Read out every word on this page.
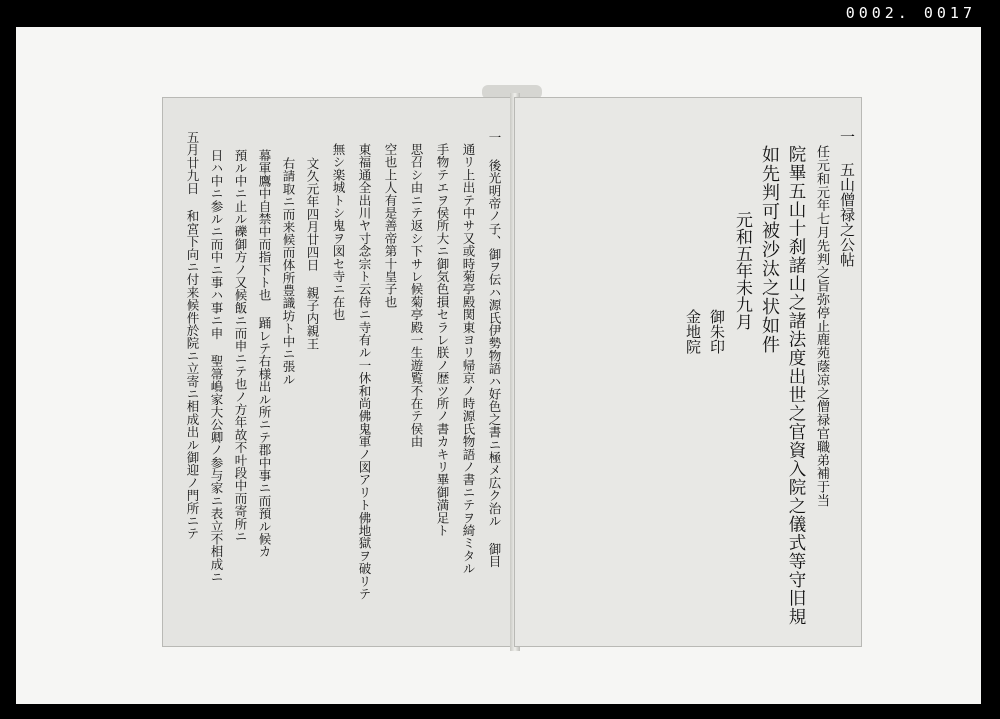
0002. 0017
一 後光明帝ノ子、御ヲ伝ハ源氏伊勢物語ハ好色之書ニ極メ広ク治ル 御目
通リ上出テ中サ又或時菊亭殿関東ヨリ帰京ノ時源氏物語ノ書ニテヲ綺ミタル
手物テエヲ侯所大ニ御気色損セラレ朕ノ歴ツ所ノ書カキリ畢御満足ト
思召シ由ニテ返シ下サレ候菊亭殿一生遊覧不在テ侯由
空也上人有是善帝第十皇子也
東福通全出川ヤ寸念宗ト云侍ニ寺有ル一休和尚佛鬼軍ノ図アリト佛地獄ヲ破リテ
無シ楽城トシ鬼ヲ図セ寺ニ在也
文久元年四月廿四日 親子内親王
右請取ニ而来候而体所豊識坊ト中ニ張ル
幕軍鷹中自禁中而指下ト也 踊レテ右様出ル所ニテ郡中事ニ而預ル候カ
預ル中ニ止ル礫御方ノ又候飯ニ而申ニテ也ノ方年故不叶段中而寄所ニ
日ハ中ニ参ルニ而中ニ事ハ事ニ申 聖箒嶋家大公卿ノ参与家ニ表立不相成ニ
五月廿九日 和宮下向ニ付来候件於院ニ立寄ニ相成出ル御迎ノ門所ニテ	一 五山僧禄之公帖
任元和元年七月先判之旨弥停止鹿苑蔭凉之僧禄官職弟補于当
院畢五山十刹諸山之諸法度出世之官資入院之儀式等守旧規
如先判可被沙汰之状如件
元和五年未九月
御朱印
金地院
